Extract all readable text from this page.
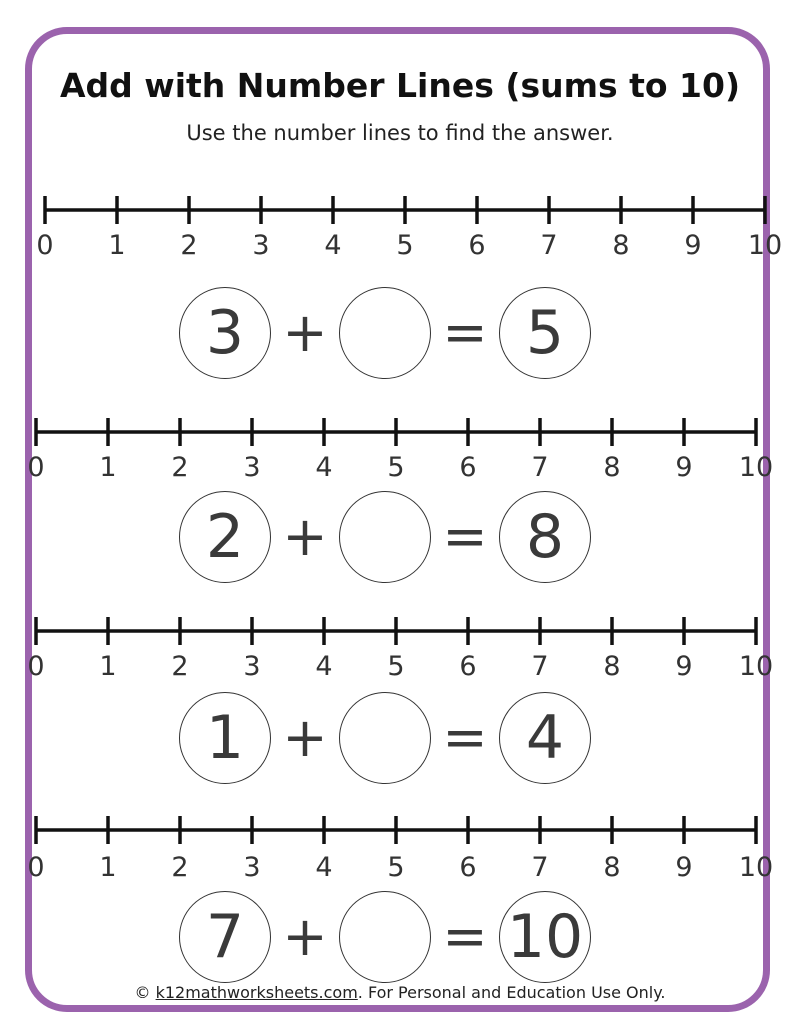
Add with Number Lines (sums to 10)
Use the number lines to find the answer.
0 1 2 3 4 5 6 7 8 9 10
3 + = 5
0 1 2 3 4 5 6 7 8 9 10
2 + = 8
0 1 2 3 4 5 6 7 8 9 10
1 + = 4
0 1 2 3 4 5 6 7 8 9 10
7 + = 10
© k12mathworksheets.com. For Personal and Education Use Only.
